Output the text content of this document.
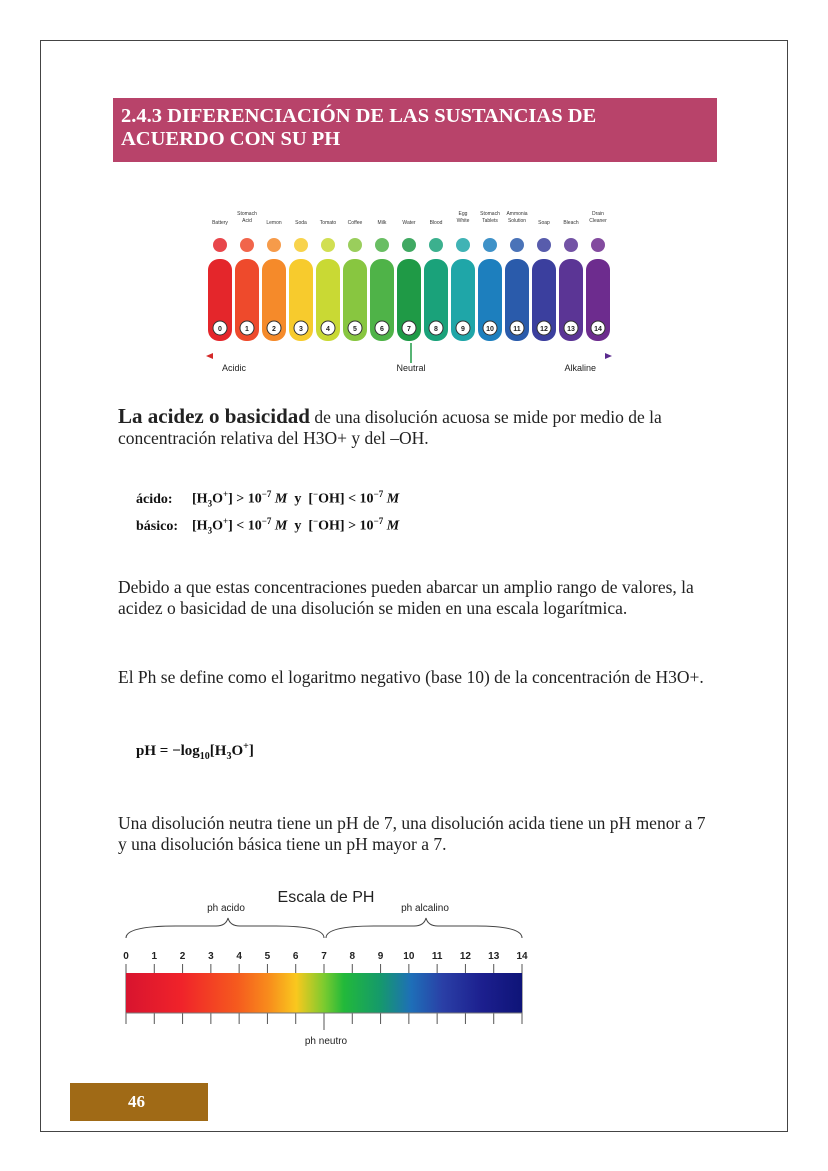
2.4.3 DIFERENCIACIÓN DE LAS SUSTANCIAS DE
ACUERDO CON SU PH
Battery
0
Stomach
Acid
1
Lemon
2
Soda
3
Tomato
4
Coffee
5
Milk
6
Water
7
Blood
8
Egg
White
9
Stomach
Tablets
10
Ammonia
Solution
11
Soap
12
Bleach
13
Drain
Cleaner
14
Acidic	Neutral	Alkaline
La acidez o basicidad de una disolución acuosa se mide por medio de la concentración relativa del H3O+ y del –OH.
ácido: $[H_3O^+] > 10^{-7}$ M  y  $[^-OH] < 10^{-7}$ M
básico: $[H_3O^+] < 10^{-7}$ M  y  $[^-OH] > 10^{-7}$ M
Debido a que estas concentraciones pueden abarcar un amplio rango de valores, la acidez o basicidad de una disolución se miden en una escala logarítmica.
El Ph se define como el logaritmo negativo (base 10) de la concentración de H3O+.
pH = $-\log_{10}[H_3O^+]$
Una disolución neutra tiene un pH de 7, una disolución acida tiene un pH menor a 7 y una disolución básica tiene un pH mayor a 7.
Escala de PH
ph acido	ph alcalino
0 1 2 3 4 5 6 7 8 9 10 11 12 13 14
ph neutro
46
